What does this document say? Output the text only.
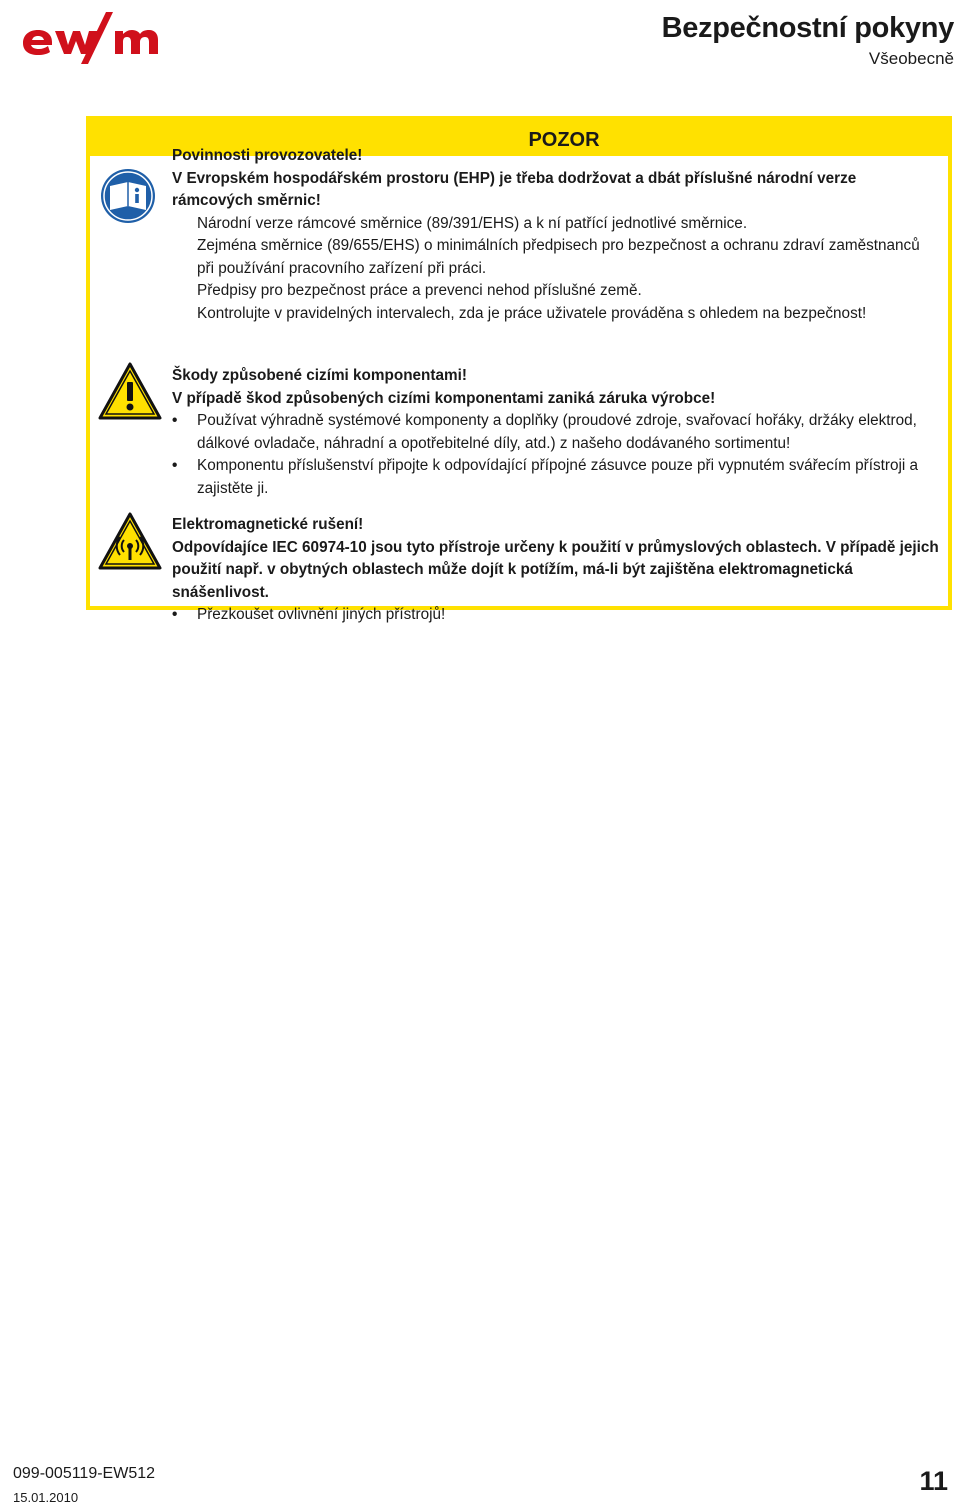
Bezpečnostní pokyny
Všeobecně
POZOR
Povinnosti provozovatele!
V Evropském hospodářském prostoru (EHP) je třeba dodržovat a dbát příslušné národní verze rámcových směrnic!
Národní verze rámcové směrnice (89/391/EHS) a k ní patřící jednotlivé směrnice.
Zejména směrnice (89/655/EHS) o minimálních předpisech pro bezpečnost a ochranu zdraví zaměstnanců při používání pracovního zařízení při práci.
Předpisy pro bezpečnost práce a prevenci nehod příslušné země.
Kontrolujte v pravidelných intervalech, zda je práce uživatele prováděna s ohledem na bezpečnost!
Škody způsobené cizími komponentami!
V případě škod způsobených cizími komponentami zaniká záruka výrobce!
• Používat výhradně systémové komponenty a doplňky (proudové zdroje, svařovací hořáky, držáky elektrod, dálkové ovladače, náhradní a opotřebitelné díly, atd.) z našeho dodávaného sortimentu!
• Komponentu příslušenství připojte k odpovídající přípojné zásuvce pouze při vypnutém svářecím přístroji a zajistěte ji.
Elektromagnetické rušení!
Odpovídajíce IEC 60974-10 jsou tyto přístroje určeny k použití v průmyslových oblastech. V případě jejich použití např. v obytných oblastech může dojít k potížím, má-li být zajištěna elektromagnetická snášenlivost.
• Přezkoušet ovlivnění jiných přístrojů!
099-005119-EW512
15.01.2010
11
